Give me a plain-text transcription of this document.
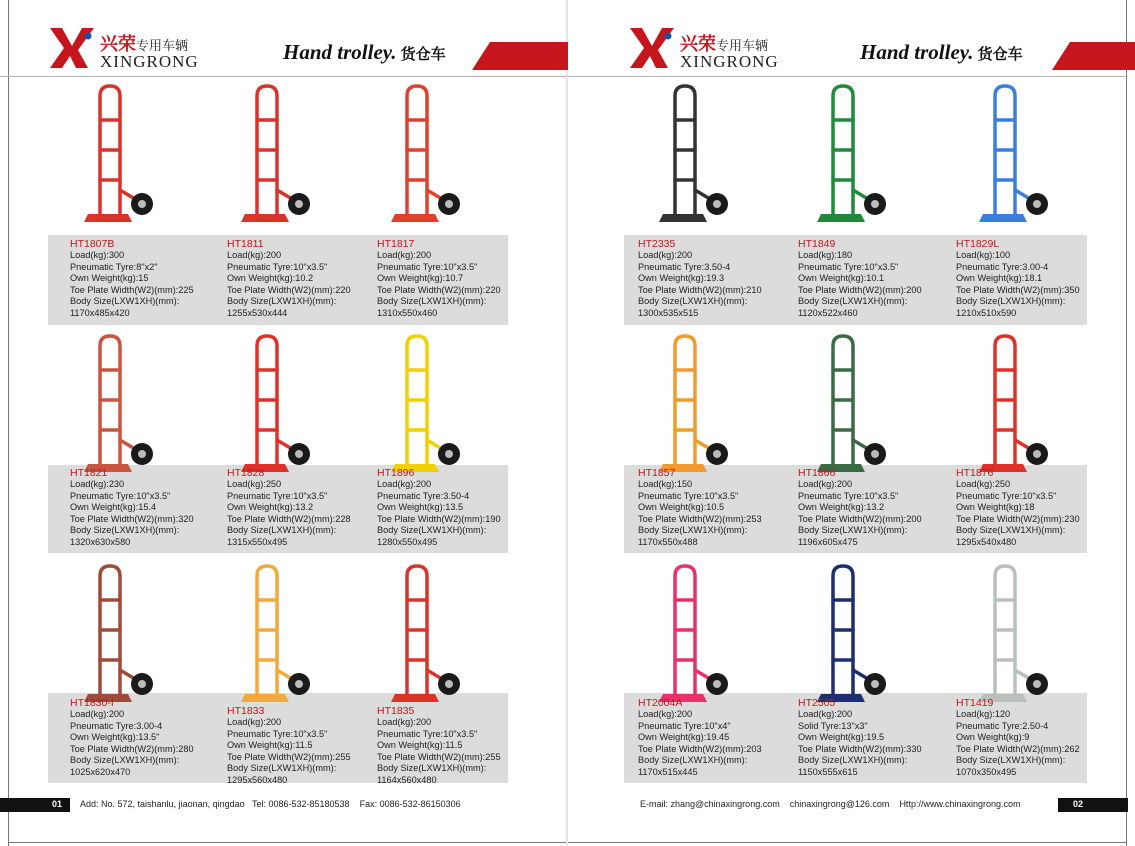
兴荣专用车辆
XINGRONG	Hand trolley. 货仓车
HT1807B
Load(kg):300
Pneumatic Tyre:8"x2"
Own Weight(kg):15
Toe Plate Width(W2)(mm):225
Body Size(LXW1XH)(mm):
1170x485x420
HT1811
Load(kg):200
Pneumatic Tyre:10"x3.5"
Own Weight(kg):10.2
Toe Plate Width(W2)(mm):220
Body Size(LXW1XH)(mm):
1255x530x444
HT1817
Load(kg):200
Pneumatic Tyre:10"x3.5"
Own Weight(kg):10.7
Toe Plate Width(W2)(mm):220
Body Size(LXW1XH)(mm):
1310x550x460
HT1821
Load(kg):230
Pneumatic Tyre:10"x3.5"
Own Weight(kg):15.4
Toe Plate Width(W2)(mm):320
Body Size(LXW1XH)(mm):
1320x630x580
HT1828
Load(kg):250
Pneumatic Tyre:10"x3.5"
Own Weight(kg):13.2
Toe Plate Width(W2)(mm):228
Body Size(LXW1XH)(mm):
1315x550x495
HT1896
Load(kg):200
Pneumatic Tyre:3.50-4
Own Weight(kg):13.5
Toe Plate Width(W2)(mm):190
Body Size(LXW1XH)(mm):
1280x550x495
HT1830-I
Load(kg):200
Pneumatic Tyre:3.00-4
Own Weight(kg):13.5"
Toe Plate Width(W2)(mm):280
Body Size(LXW1XH)(mm):
1025x620x470
HT1833
Load(kg):200
Pneumatic Tyre:10"x3.5"
Own Weight(kg):11.5
Toe Plate Width(W2)(mm):255
Body Size(LXW1XH)(mm):
1295x560x480
HT1835
Load(kg):200
Pneumatic Tyre:10"x3.5"
Own Weight(kg):11.5
Toe Plate Width(W2)(mm):255
Body Size(LXW1XH)(mm):
1164x560x480
01 Add: No. 572, taishanlu, jiaonan, qingdao Tel: 0086-532-85180538 Fax: 0086-532-86150306
兴荣专用车辆
XINGRONG	Hand trolley. 货仓车
HT2335
Load(kg):200
Pneumatic Tyre:3.50-4
Own Weight(kg):19.3
Toe Plate Width(W2)(mm):210
Body Size(LXW1XH)(mm):
1300x535x515
HT1849
Load(kg):180
Pneumatic Tyre:10"x3.5"
Own Weight(kg):10.1
Toe Plate Width(W2)(mm):200
Body Size(LXW1XH)(mm):
1120x522x460
HT1829L
Load(kg):100
Pneumatic Tyre:3.00-4
Own Weight(kg):18.1
Toe Plate Width(W2)(mm):350
Body Size(LXW1XH)(mm):
1210x510x590
HT1857
Load(kg):150
Pneumatic Tyre:10"x3.5"
Own Weight(kg):10.5
Toe Plate Width(W2)(mm):253
Body Size(LXW1XH)(mm):
1170x550x488
HT1866
Load(kg):200
Pneumatic Tyre:10"x3.5"
Own Weight(kg):13.2
Toe Plate Width(W2)(mm):200
Body Size(LXW1XH)(mm):
1196x605x475
HT1876
Load(kg):250
Pneumatic Tyre:10"x3.5"
Own Weight(kg):18
Toe Plate Width(W2)(mm):230
Body Size(LXW1XH)(mm):
1295x540x480
HT2004A
Load(kg):200
Pneumatic Tyre:10"x4"
Own Weight(kg):19.45
Toe Plate Width(W2)(mm):203
Body Size(LXW1XH)(mm):
1170x515x445
HT2505
Load(kg):200
Solid Tyre:13"x3"
Own Weight(kg):19.5
Toe Plate Width(W2)(mm):330
Body Size(LXW1XH)(mm):
1150x555x615
HT1419
Load(kg):120
Pneumatic Tyre:2.50-4
Own Weight(kg):9
Toe Plate Width(W2)(mm):262
Body Size(LXW1XH)(mm):
1070x350x495
E-mail: zhang@chinaxingrong.com chinaxingrong@126.com Http://www.chinaxingrong.com	02
